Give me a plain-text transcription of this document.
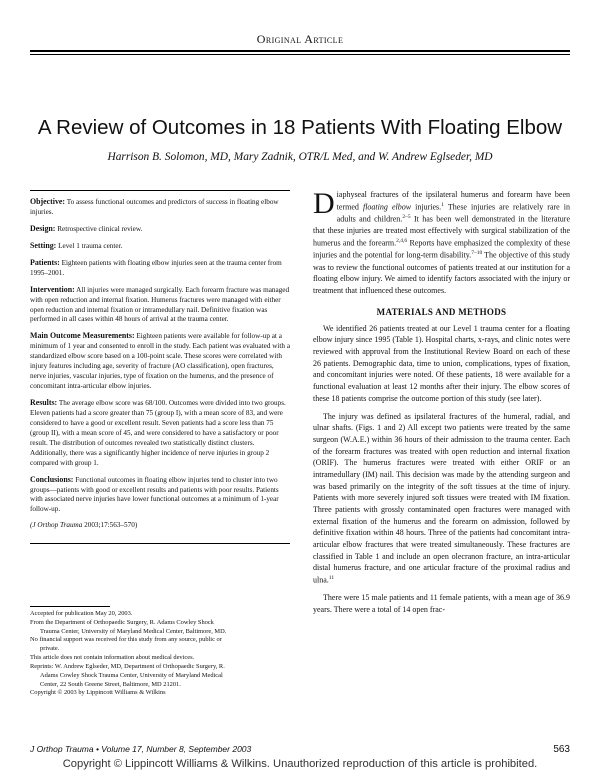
Original Article
A Review of Outcomes in 18 Patients With Floating Elbow
Harrison B. Solomon, MD, Mary Zadnik, OTR/L Med, and W. Andrew Eglseder, MD

Objective: To assess functional outcomes and predictors of success in floating elbow injuries.

Design: Retrospective clinical review.

Setting: Level 1 trauma center.

Patients: Eighteen patients with floating elbow injuries seen at the trauma center from 1995–2001.

Intervention: All injuries were managed surgically. Each forearm fracture was managed with open reduction and internal fixation. Humerus fractures were managed with either open reduction and internal fixation or intramedullary nail. Definitive fixation was performed in all cases within 48 hours of arrival at the trauma center.

Main Outcome Measurements: Eighteen patients were available for follow-up at a minimum of 1 year and consented to enroll in the study. Each patient was evaluated with a standardized elbow score based on a 100-point scale. These scores were correlated with injury features including age, severity of fracture (AO classification), open fractures, nerve injuries, vascular injuries, type of fixation on the humerus, and the presence of concomitant intra-articular elbow injuries.

Results: The average elbow score was 68/100. Outcomes were divided into two groups. Eleven patients had a score greater than 75 (group I), with a mean score of 83, and were considered to have a good or excellent result. Seven patients had a score less than 75 (group II), with a mean score of 45, and were considered to have a satisfactory or poor result. The distribution of outcomes revealed two statistically distinct clusters. Additionally, there was a significantly higher incidence of nerve injuries in group 2 compared with group 1.

Conclusions: Functional outcomes in floating elbow injuries tend to cluster into two groups—patients with good or excellent results and patients with poor results. Patients with associated nerve injuries have lower functional outcomes at a minimum of 1-year follow-up.

(J Orthop Trauma 2003;17:563–570)

Accepted for publication May 20, 2003.

From the Department of Orthopaedic Surgery, R. Adams Cowley Shock

Trauma Center, University of Maryland Medical Center, Baltimore, MD.

No financial support was received for this study from any source, public or

private.

This article does not contain information about medical devices.

Reprints: W. Andrew Eglseder, MD, Department of Orthopaedic Surgery, R.

Adams Cowley Shock Trauma Center, University of Maryland Medical

Center, 22 South Greene Street, Baltimore, MD 21201.

Copyright © 2003 by Lippincott Williams & Wilkins

Diaphyseal fractures of the ipsilateral humerus and forearm have been termed floating elbow injuries.$^1$ These injuries are relatively rare in adults and children.$^{2-5}$ It has been well demonstrated in the literature that these injuries are treated most effectively with surgical stabilization of the humerus and the forearm.$^{2,4,6}$ Reports have emphasized the complexity of these injuries and the potential for long-term disability.$^{7-10}$ The objective of this study was to review the functional outcomes of patients treated at our institution for a floating elbow injury. We aimed to identify factors associated with the injury or treatment that influenced these outcomes.

MATERIALS AND METHODS

We identified 26 patients treated at our Level 1 trauma center for a floating elbow injury since 1995 (Table 1). Hospital charts, x-rays, and clinic notes were reviewed with approval from the Institutional Review Board on each of these 26 patients. Demographic data, time to union, complications, types of fixation, and concomitant injuries were noted. Of these patients, 18 were available for a functional evaluation at least 12 months after their injury. The elbow scores of these 18 patients comprise the outcome portion of this study (see later).

The injury was defined as ipsilateral fractures of the humeral, radial, and ulnar shafts. (Figs. 1 and 2) All except two patients were treated by the same surgeon (W.A.E.) within 36 hours of their admission to the trauma center. Each of the forearm fractures was treated with open reduction and internal fixation (ORIF). The humerus fractures were treated with either ORIF or an intramedullary (IM) nail. This decision was made by the attending surgeon and was based primarily on the integrity of the soft tissues at the time of injury. Patients with more severely injured soft tissues were treated with IM fixation. Three patients with grossly contaminated open fractures were managed with external fixation of the humerus and the forearm on admission, followed by definitive fixation within 48 hours. Three of the patients had concomitant intra-articular elbow fractures that were treated simultaneously. These fractures are classified in Table 1 and include an open olecranon fracture, an intra-articular distal humerus fracture, and one articular fracture of the proximal radius and ulna.$^{11}$

There were 15 male patients and 11 female patients, with a mean age of 36.9 years. There were a total of 14 open frac-

J Orthop Trauma • Volume 17, Number 8, September 2003	563
Copyright © Lippincott Williams & Wilkins. Unauthorized reproduction of this article is prohibited.
